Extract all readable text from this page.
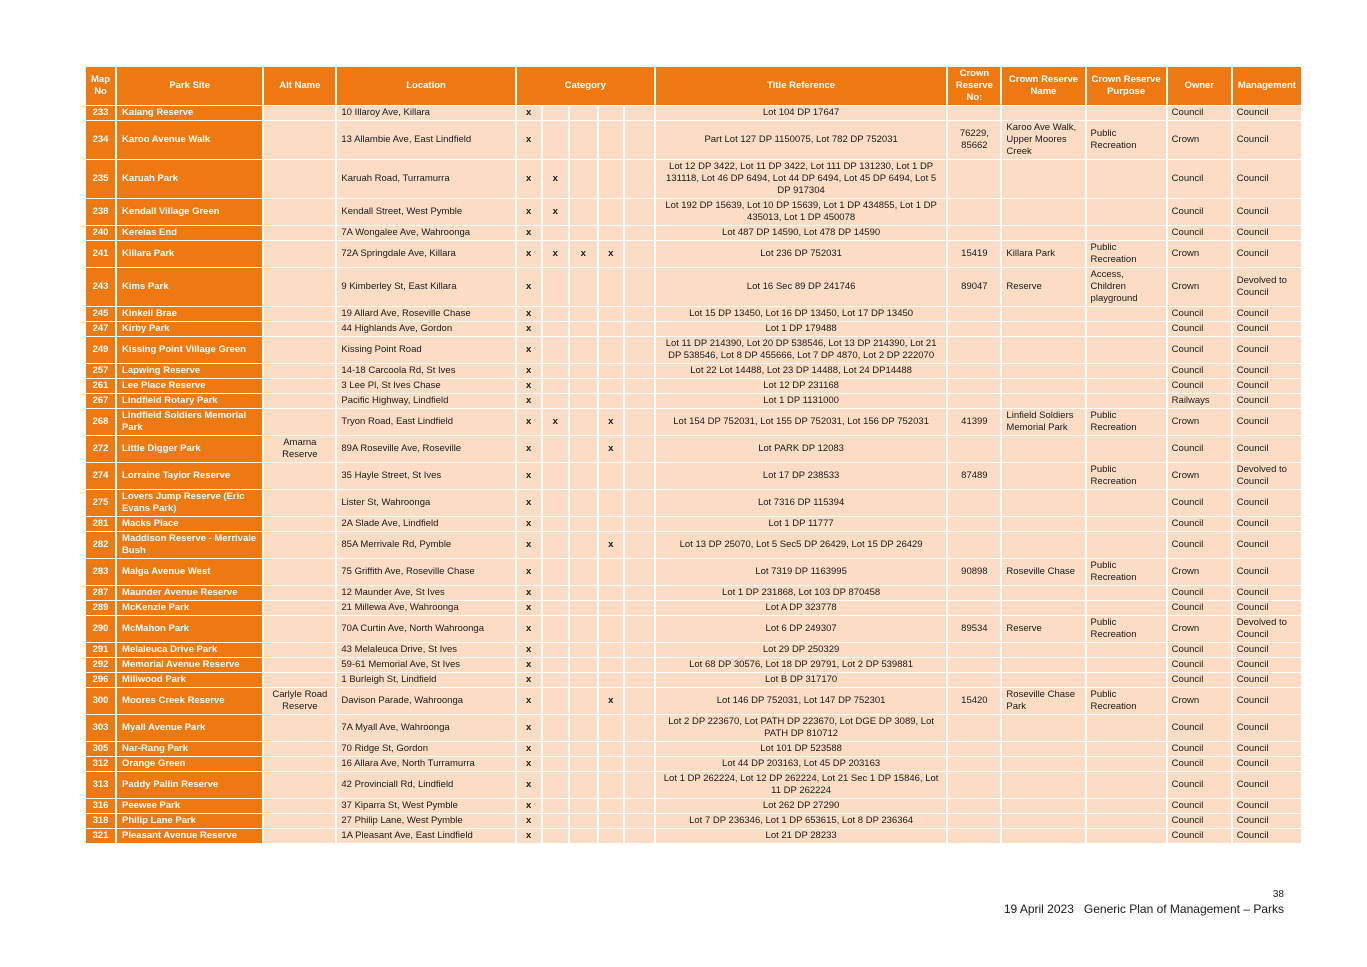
Map No	Park Site	Alt Name	Location	Category					Title Reference	Crown Reserve No:	Crown Reserve Name	Crown Reserve Purpose	Owner	Management
233	Kalang Reserve		10 Illaroy Ave, Killara	x					Lot 104 DP 17647				Council	Council
234	Karoo Avenue Walk		13 Allambie Ave, East Lindfield	x					Part Lot 127 DP 1150075, Lot 782 DP 752031	76229, 85662	Karoo Ave Walk, Upper Moores Creek	Public Recreation	Crown	Council
235	Karuah Park		Karuah Road, Turramurra	x	x				Lot 12 DP 3422, Lot 11 DP 3422, Lot 111 DP 131230, Lot 1 DP 131118, Lot 46 DP 6494, Lot 44 DP 6494, Lot 45 DP 6494, Lot 5 DP 917304				Council	Council
238	Kendall Village Green		Kendall Street, West Pymble	x	x				Lot 192 DP 15639, Lot 10 DP 15639, Lot 1 DP 434855, Lot 1 DP 435013, Lot 1 DP 450078				Council	Council
240	Kerelas End		7A Wongalee Ave, Wahroonga	x					Lot 487 DP 14590, Lot 478 DP 14590				Council	Council
241	Killara Park		72A Springdale Ave, Killara	x	x	x	x		Lot 236 DP 752031	15419	Killara Park	Public Recreation	Crown	Council
243	Kims Park		9 Kimberley St, East Killara	x					Lot 16 Sec 89 DP 241746	89047	Reserve	Access, Children playground	Crown	Devolved to Council
245	Kinkell Brae		19 Allard Ave, Roseville Chase	x					Lot 15 DP 13450, Lot 16 DP 13450, Lot 17 DP 13450				Council	Council
247	Kirby Park		44 Highlands Ave, Gordon	x					Lot 1 DP 179488				Council	Council
249	Kissing Point Village Green		Kissing Point Road	x					Lot 11 DP 214390, Lot 20 DP 538546, Lot 13 DP 214390, Lot 21 DP 538546, Lot 8 DP 455666, Lot 7 DP 4870, Lot 2 DP 222070				Council	Council
257	Lapwing Reserve		14-18 Carcoola Rd, St Ives	x					Lot 22 Lot 14488, Lot 23 DP 14488, Lot 24 DP14488				Council	Council
261	Lee Place Reserve		3 Lee Pl, St Ives Chase	x					Lot 12 DP 231168				Council	Council
267	Lindfield Rotary Park		Pacific Highway, Lindfield	x					Lot 1 DP 1131000				Railways	Council
268	Lindfield Soldiers Memorial Park		Tryon Road, East Lindfield	x	x		x		Lot 154 DP 752031, Lot 155 DP 752031, Lot 156 DP 752031	41399	Linfield Soldiers Memorial Park	Public Recreation	Crown	Council
272	Little Digger Park	Amarna Reserve	89A Roseville Ave, Roseville	x			x		Lot PARK DP 12083				Council	Council
274	Lorraine Taylor Reserve		35 Hayle Street, St Ives	x					Lot 17 DP 238533	87489		Public Recreation	Crown	Devolved to Council
275	Lovers Jump Reserve (Eric Evans Park)		Lister St, Wahroonga	x					Lot 7316 DP 115394				Council	Council
281	Macks Place		2A Slade Ave, Lindfield	x					Lot 1 DP 11777				Council	Council
282	Maddison Reserve - Merrivale Bush		85A Merrivale Rd, Pymble	x			x		Lot 13 DP 25070, Lot 5 Sec5 DP 26429, Lot 15 DP 26429				Council	Council
283	Malga Avenue West		75 Griffith Ave, Roseville Chase	x					Lot 7319 DP 1163995	90898	Roseville Chase	Public Recreation	Crown	Council
287	Maunder Avenue Reserve		12 Maunder Ave, St Ives	x					Lot 1 DP 231868, Lot 103 DP 870458				Council	Council
289	McKenzie Park		21 Millewa Ave, Wahroonga	x					Lot A DP 323778				Council	Council
290	McMahon Park		70A Curtin Ave, North Wahroonga	x					Lot 6 DP 249307	89534	Reserve	Public Recreation	Crown	Devolved to Council
291	Melaleuca Drive Park		43 Melaleuca Drive, St Ives	x					Lot 29 DP 250329				Council	Council
292	Memorial Avenue Reserve		59-61 Memorial Ave, St Ives	x					Lot 68 DP 30576, Lot 18 DP 29791, Lot 2 DP 539881				Council	Council
296	Millwood Park		1 Burleigh St, Lindfield	x					Lot B DP 317170				Council	Council
300	Moores Creek Reserve	Carlyle Road Reserve	Davison Parade, Wahroonga	x			x		Lot 146 DP 752031, Lot 147 DP 752301	15420	Roseville Chase Park	Public Recreation	Crown	Council
303	Myall Avenue Park		7A Myall Ave, Wahroonga	x					Lot 2 DP 223670, Lot PATH DP 223670, Lot DGE DP 3089, Lot PATH DP 810712				Council	Council
305	Nar-Rang Park		70 Ridge St, Gordon	x					Lot 101 DP 523588				Council	Council
312	Orange Green		16 Allara Ave, North Turramurra	x					Lot 44 DP 203163, Lot 45 DP 203163				Council	Council
313	Paddy Pallin Reserve		42 Provinciall Rd, Lindfield	x					Lot 1 DP 262224, Lot 12 DP 262224, Lot 21 Sec 1 DP 15846, Lot 11 DP 262224				Council	Council
316	Peewee Park		37 Kiparra St, West Pymble	x					Lot 262 DP 27290				Council	Council
318	Philip Lane Park		27 Philip Lane, West Pymble	x					Lot 7 DP 236346, Lot 1 DP 653615, Lot 8 DP 236364				Council	Council
321	Pleasant Avenue Reserve		1A Pleasant Ave, East Lindfield	x					Lot 21 DP 28233				Council	Council
38
19 April 2023 Generic Plan of Management – Parks
